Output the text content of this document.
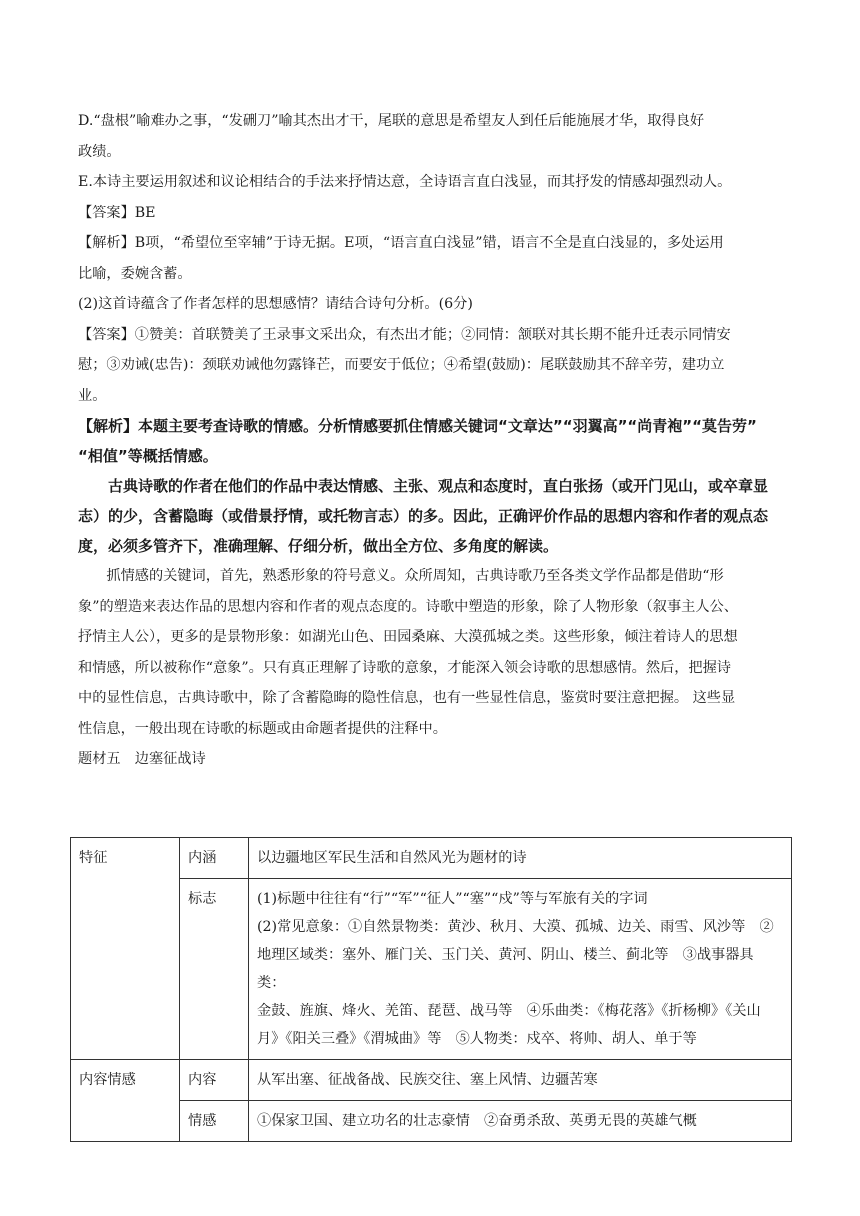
D.“盘根”喻难办之事，“发硎刀”喻其杰出才干，尾联的意思是希望友人到任后能施展才华，取得良好

政绩。

E.本诗主要运用叙述和议论相结合的手法来抒情达意，全诗语言直白浅显，而其抒发的情感却强烈动人。

【答案】BE

【解析】B项，“希望位至宰辅”于诗无据。E项，“语言直白浅显”错，语言不全是直白浅显的，多处运用

比喻，委婉含蓄。

(2)这首诗蕴含了作者怎样的思想感情？请结合诗句分析。(6分)

【答案】①赞美：首联赞美了王录事文采出众，有杰出才能；②同情：颔联对其长期不能升迁表示同情安

慰；③劝诫(忠告)：颈联劝诫他勿露锋芒，而要安于低位；④希望(鼓励)：尾联鼓励其不辞辛劳，建功立

业。

【解析】本题主要考查诗歌的情感。分析情感要抓住情感关键词“文章达”“羽翼高”“尚青袍”“莫告劳”

“相值”等概括情感。

古典诗歌的作者在他们的作品中表达情感、主张、观点和态度时，直白张扬（或开门见山，或卒章显

志）的少，含蓄隐晦（或借景抒情，或托物言志）的多。因此，正确评价作品的思想内容和作者的观点态

度，必须多管齐下，准确理解、仔细分析，做出全方位、多角度的解读。

抓情感的关键词，首先，熟悉形象的符号意义。众所周知，古典诗歌乃至各类文学作品都是借助“形

象”的塑造来表达作品的思想内容和作者的观点态度的。诗歌中塑造的形象，除了人物形象（叙事主人公、

抒情主人公），更多的是景物形象：如湖光山色、田园桑麻、大漠孤城之类。这些形象，倾注着诗人的思想

和情感，所以被称作“意象”。只有真正理解了诗歌的意象，才能深入领会诗歌的思想感情。然后，把握诗

中的显性信息，古典诗歌中，除了含蓄隐晦的隐性信息，也有一些显性信息，鉴赏时要注意把握。 这些显

性信息，一般出现在诗歌的标题或由命题者提供的注释中。

题材五　边塞征战诗

特征	内涵	以边疆地区军民生活和自然风光为题材的诗
	标志	(1)标题中往往有“行”“军”“征人”“塞”“戍”等与军旅有关的字词
(2)常见意象：①自然景物类：黄沙、秋月、大漠、孤城、边关、雨雪、风沙等　②
地理区域类：塞外、雁门关、玉门关、黄河、阴山、楼兰、蓟北等　③战事器具类：
金鼓、旌旗、烽火、羌笛、琵琶、战马等　④乐曲类：《梅花落》《折杨柳》《关山
月》《阳关三叠》《渭城曲》等　⑤人物类：戍卒、将帅、胡人、单于等

内容情感	内容	从军出塞、征战备战、民族交往、塞上风情、边疆苦寒
	情感	①保家卫国、建立功名的壮志豪情　②奋勇杀敌、英勇无畏的英雄气概
